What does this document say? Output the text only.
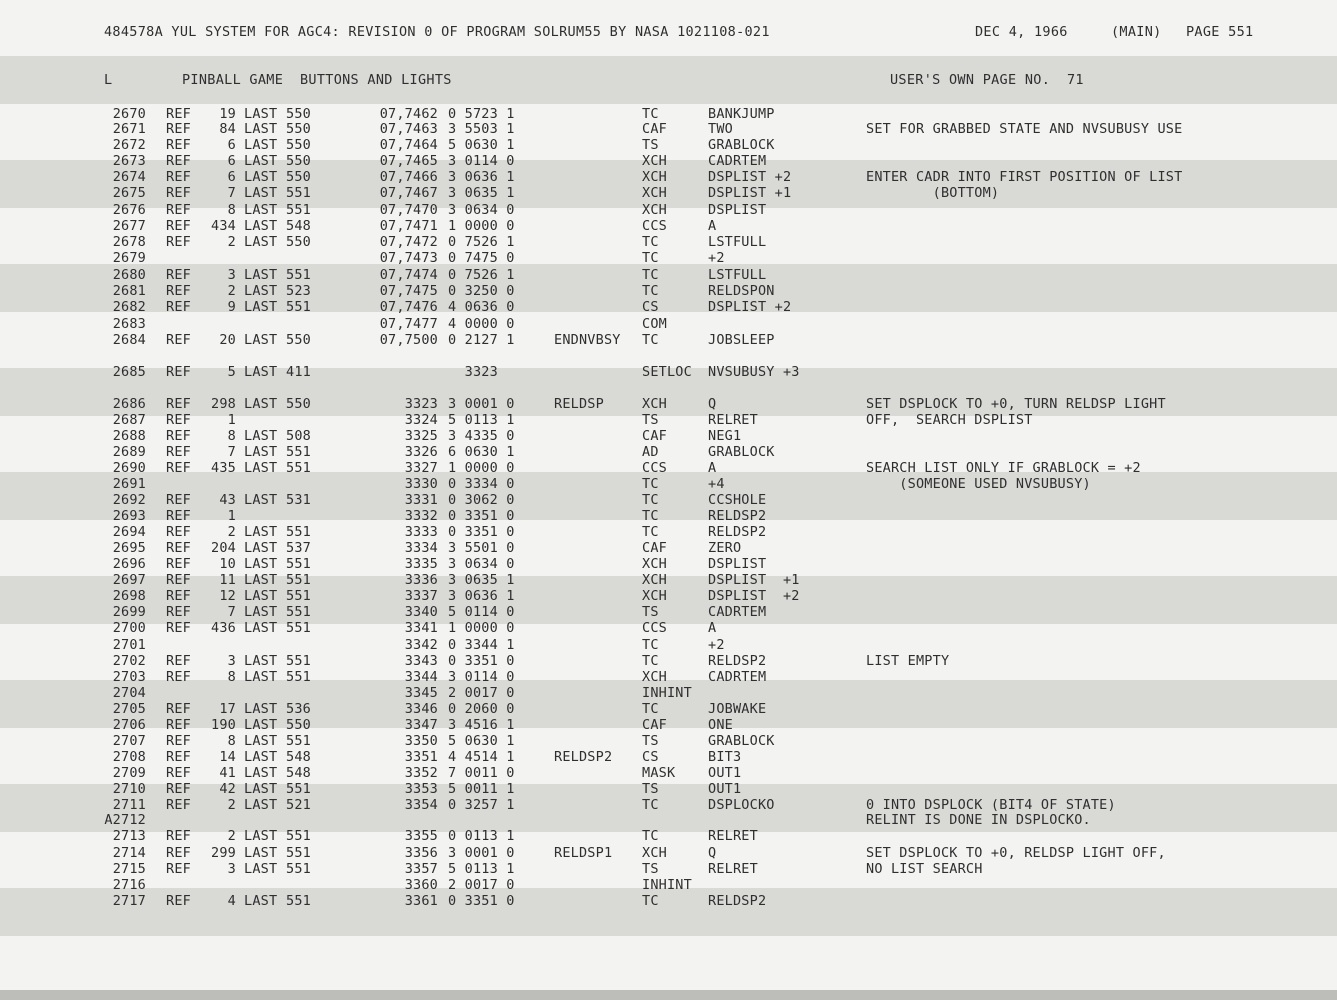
484578A YUL SYSTEM FOR AGC4: REVISION 0 OF PROGRAM SOLRUM55 BY NASA 1021108-021	DEC 4, 1966	(MAIN) PAGE 551
L	PINBALL GAME  BUTTONS AND LIGHTS	USER'S OWN PAGE NO.  71
2670 REF	19 LAST 550	07,7462 0 5723 1	TC	BANKJUMP
2671 REF	84 LAST 550	07,7463 3 5503 1	CAF	TWO	SET FOR GRABBED STATE AND NVSUBUSY USE
2672 REF	6 LAST 550	07,7464 5 0630 1	TS	GRABLOCK
2673 REF	6 LAST 550	07,7465 3 0114 0	XCH	CADRTEM
2674 REF	6 LAST 550	07,7466 3 0636 1	XCH	DSPLIST +2	ENTER CADR INTO FIRST POSITION OF LIST
2675 REF	7 LAST 551	07,7467 3 0635 1	XCH	DSPLIST +1	(BOTTOM)
2676 REF	8 LAST 551	07,7470 3 0634 0	XCH	DSPLIST
2677 REF	434 LAST 548	07,7471 1 0000 0	CCS	A
2678 REF	2 LAST 550	07,7472 0 7526 1	TC	LSTFULL
2679	07,7473 0 7475 0	TC	+2
2680 REF	3 LAST 551	07,7474 0 7526 1	TC	LSTFULL
2681 REF	2 LAST 523	07,7475 0 3250 0	TC	RELDSPON
2682 REF	9 LAST 551	07,7476 4 0636 0	CS	DSPLIST +2
2683	07,7477 4 0000 0	COM
2684 REF	20 LAST 550	07,7500 0 2127 1	ENDNVBSY TC	JOBSLEEP
2685 REF	5 LAST 411	3323	SETLOC NVSUBUSY +3
2686 REF	298 LAST 550	3323 3 0001 0	RELDSP	XCH	Q	SET DSPLOCK TO +0, TURN RELDSP LIGHT
OFF,  SEARCH DSPLIST
2687 REF	1	3324 5 0113 1	TS	RELRET
2688 REF	8 LAST 508	3325 3 4335 0	CAF	NEG1
2689 REF	7 LAST 551	3326 6 0630 1	AD	GRABLOCK
2690 REF	435 LAST 551	3327 1 0000 0	CCS	A	SEARCH LIST ONLY IF GRABLOCK = +2
2691	3330 0 3334 0	TC	+4	(SOMEONE USED NVSUBUSY)
2692 REF	43 LAST 531	3331 0 3062 0	TC	CCSHOLE
2693 REF	1	3332 0 3351 0	TC	RELDSP2
2694 REF	2 LAST 551	3333 0 3351 0	TC	RELDSP2
2695 REF	204 LAST 537	3334 3 5501 0	CAF	ZERO
2696 REF	10 LAST 551	3335 3 0634 0	XCH	DSPLIST
2697 REF	11 LAST 551	3336 3 0635 1	XCH	DSPLIST  +1
2698 REF	12 LAST 551	3337 3 0636 1	XCH	DSPLIST  +2
2699 REF	7 LAST 551	3340 5 0114 0	TS	CADRTEM
2700 REF	436 LAST 551	3341 1 0000 0	CCS	A
2701	3342 0 3344 1	TC	+2
2702 REF	3 LAST 551	3343 0 3351 0	TC	RELDSP2	LIST EMPTY
2703 REF	8 LAST 551	3344 3 0114 0	XCH	CADRTEM
2704	3345 2 0017 0	INHINT
2705 REF	17 LAST 536	3346 0 2060 0	TC	JOBWAKE
2706 REF	190 LAST 550	3347 3 4516 1	CAF	ONE
2707 REF	8 LAST 551	3350 5 0630 1	TS	GRABLOCK
2708 REF	14 LAST 548	3351 4 4514 1	RELDSP2 CS	BIT3
2709 REF	41 LAST 548	3352 7 0011 0	MASK OUT1
2710 REF	42 LAST 551	3353 5 0011 1	TS	OUT1
2711 REF	2 LAST 521	3354 0 3257 1	TC	DSPLOCKO	0 INTO DSPLOCK (BIT4 OF STATE)
A2712	RELINT IS DONE IN DSPLOCKO.
2713 REF	2 LAST 551	3355 0 0113 1	TC	RELRET
2714 REF	299 LAST 551	3356 3 0001 0	RELDSP1 XCH	Q	SET DSPLOCK TO +0, RELDSP LIGHT OFF,
2715 REF	3 LAST 551	3357 5 0113 1	TS	RELRET	NO LIST SEARCH
2716	3360 2 0017 0	INHINT
2717 REF	4 LAST 551	3361 0 3351 0	TC	RELDSP2
